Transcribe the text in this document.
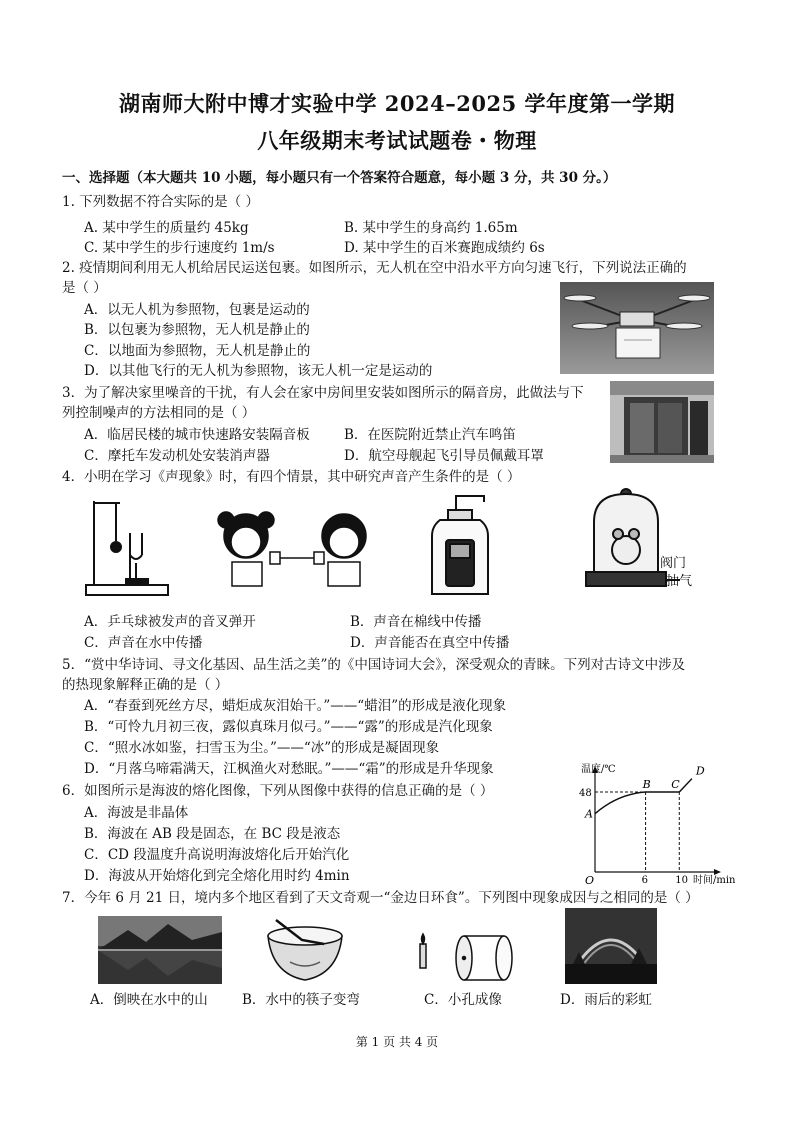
湖南师大附中博才实验中学 2024–2025 学年度第一学期
八年级期末考试试题卷・物理
一、选择题（本大题共 10 小题，每小题只有一个答案符合题意，每小题 3 分，共 30 分。）
1. 下列数据不符合实际的是（ ）
A. 某中学生的质量约 45kg	B. 某中学生的身高约 1.65m
C. 某中学生的步行速度约 1m/s	D. 某中学生的百米赛跑成绩约 6s
2. 疫情期间利用无人机给居民运送包裹。如图所示，无人机在空中沿水平方向匀速飞行，下列说法正确的
是（ ）
A．以无人机为参照物，包裹是运动的
B．以包裹为参照物，无人机是静止的
C．以地面为参照物，无人机是静止的
D．以其他飞行的无人机为参照物，该无人机一定是运动的
3．为了解决家里噪音的干扰，有人会在家中房间里安装如图所示的隔音房，此做法与下
列控制噪声的方法相同的是（ ）
A．临居民楼的城市快速路安装隔音板	B．在医院附近禁止汽车鸣笛
C．摩托车发动机处安装消声器	D．航空母舰起飞引导员佩戴耳罩
4．小明在学习《声现象》时，有四个情景，其中研究声音产生条件的是（ ）
阀门
抽气
A．乒乓球被发声的音叉弹开	B．声音在棉线中传播
C．声音在水中传播	D．声音能否在真空中传播
5．“赏中华诗词、寻文化基因、品生活之美”的《中国诗词大会》，深受观众的青睐。下列对古诗文中涉及
的热现象解释正确的是（ ）
A．“春蚕到死丝方尽，蜡炬成灰泪始干。”——“蜡泪”的形成是液化现象
B．“可怜九月初三夜，露似真珠月似弓。”——“露”的形成是汽化现象
C．“照水冰如鉴，扫雪玉为尘。”——“冰”的形成是凝固现象
D．“月落乌啼霜满天，江枫渔火对愁眠。”——“霜”的形成是升华现象
6．如图所示是海波的熔化图像，下列从图像中获得的信息正确的是（ ）
A．海波是非晶体
B．海波在 AB 段是固态，在 BC 段是液态
C．CD 段温度升高说明海波熔化后开始汽化
D．海波从开始熔化到完全熔化用时约 4min
温度/℃
时间/min
O
A
B C
D
6	10
48
7．今年 6 月 21 日，境内多个地区看到了天文奇观一“金边日环食”。下列图中现象成因与之相同的是（ ）
A．倒映在水中的山	B．水中的筷子变弯	C．小孔成像	D．雨后的彩虹
第 1 页 共 4 页
